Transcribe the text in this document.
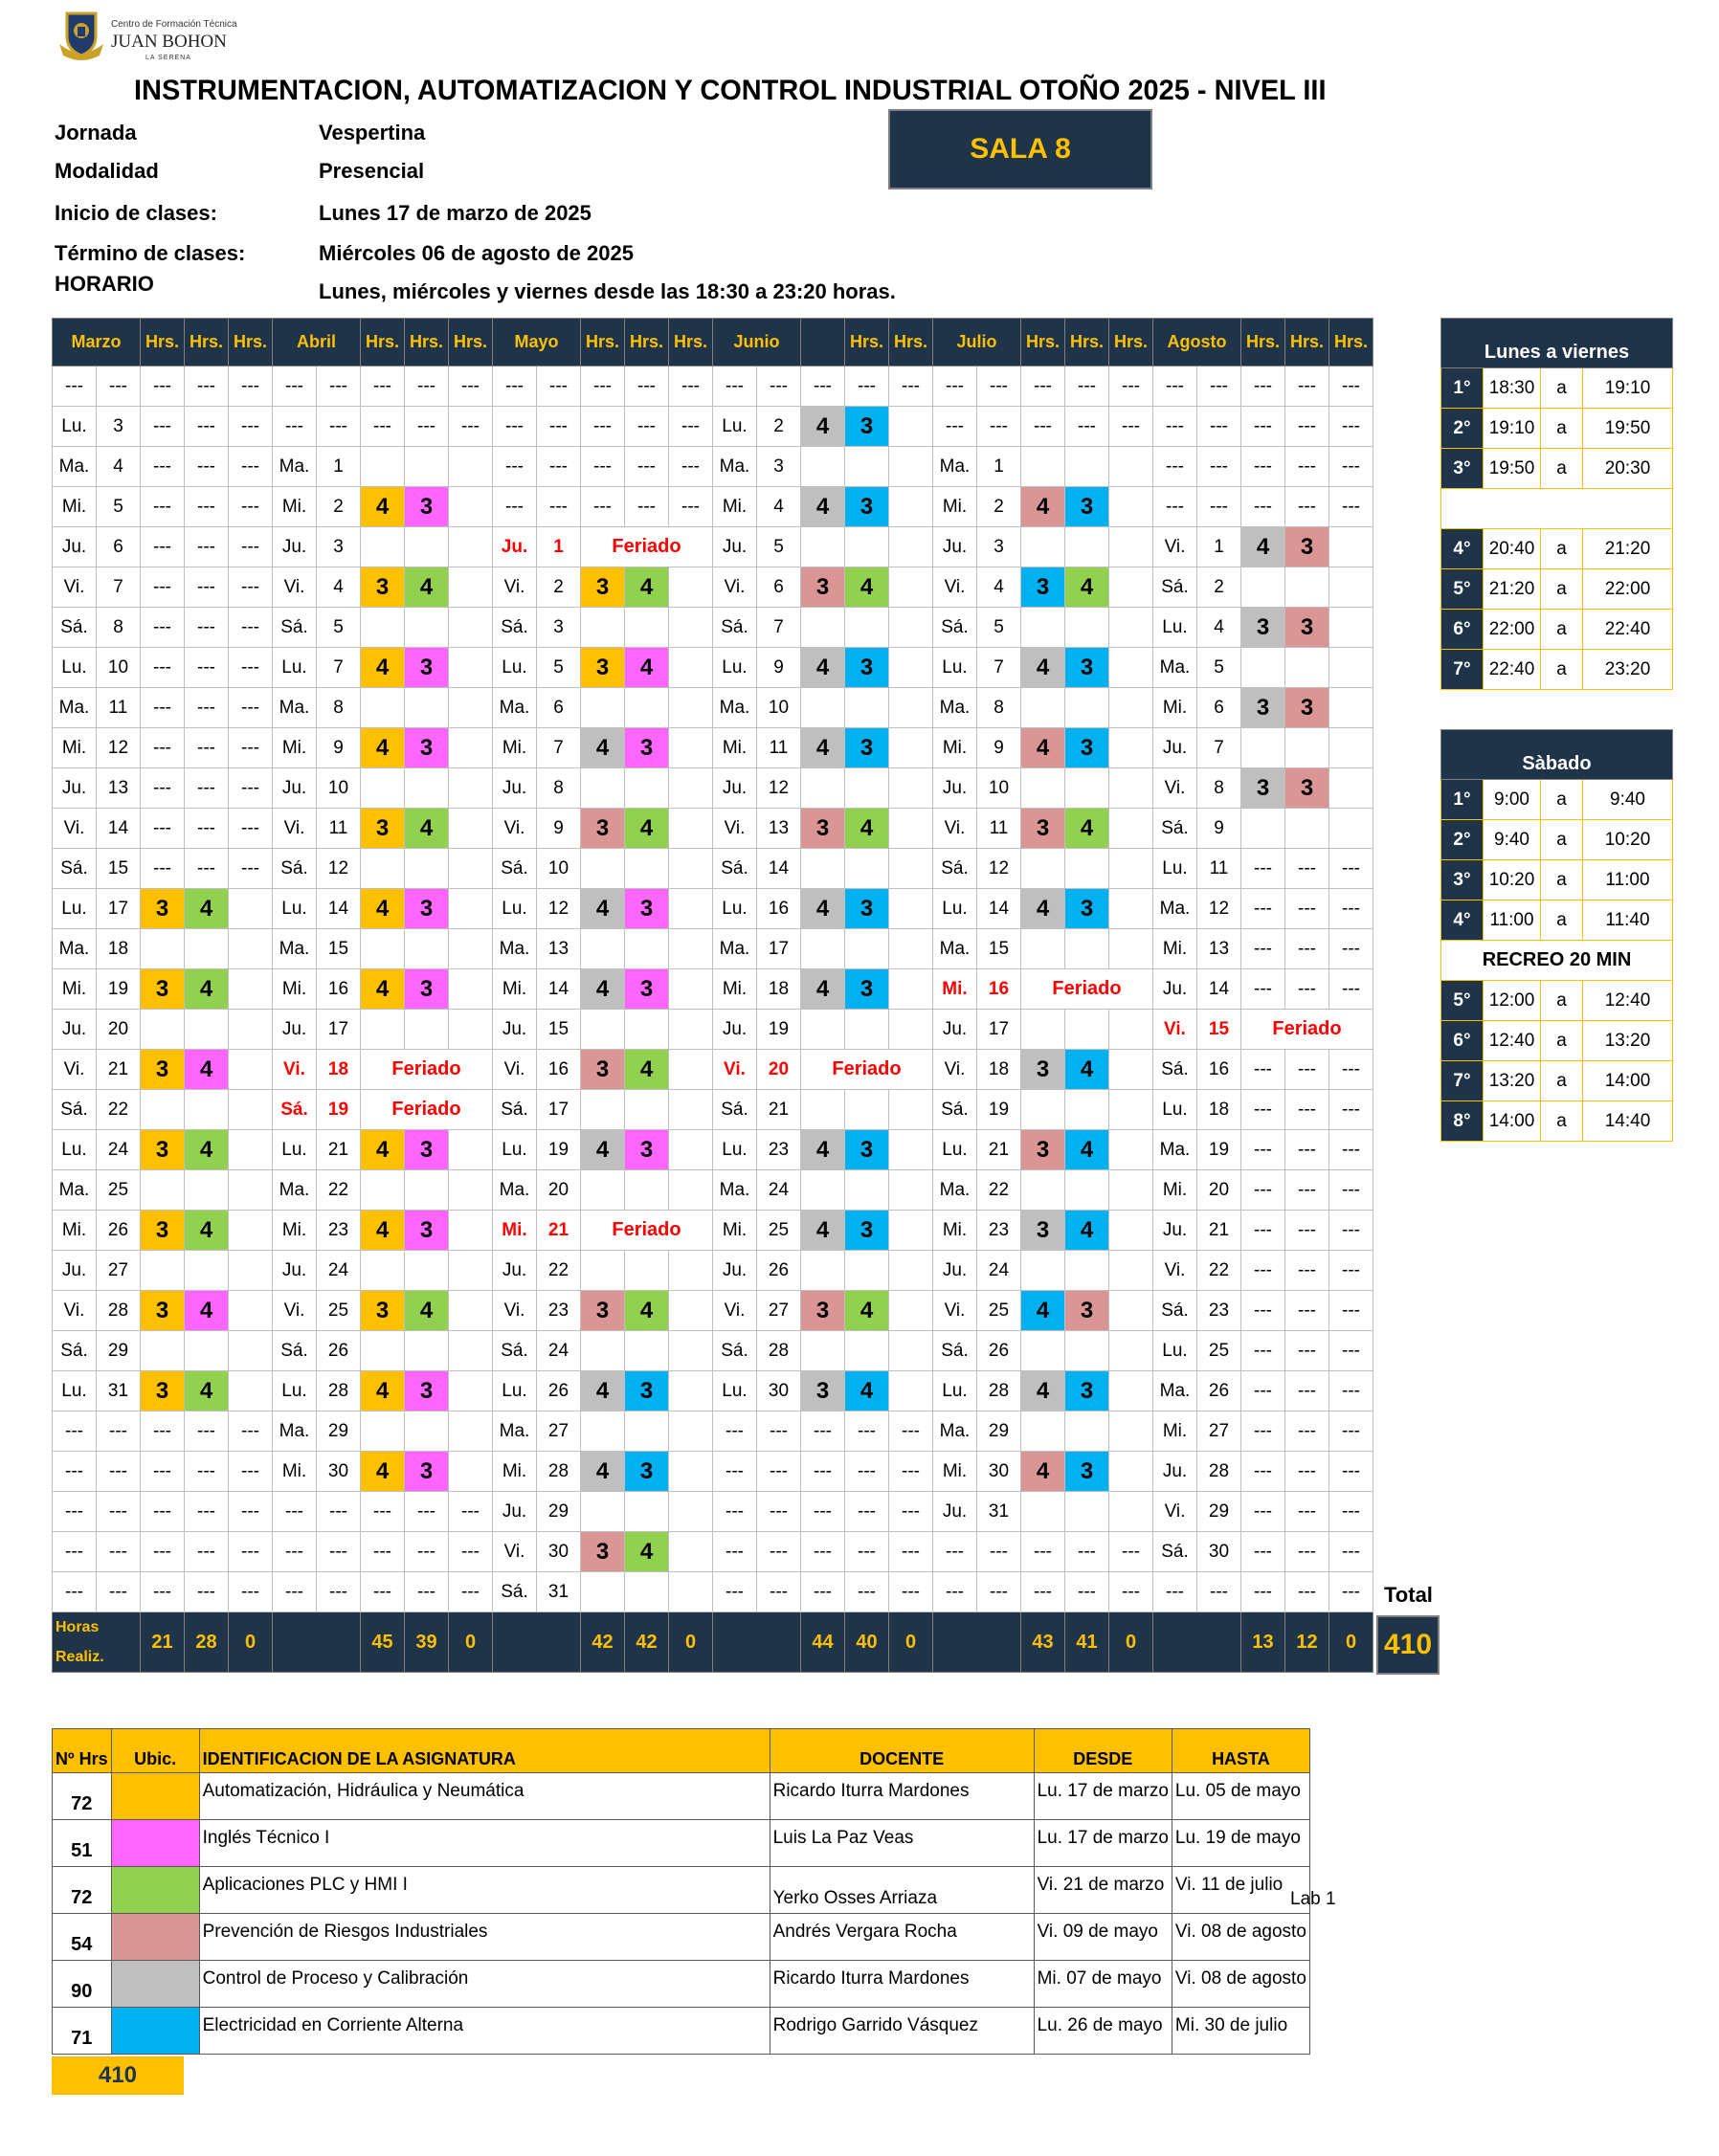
Centro de Formación Técnica
JUAN BOHON
LA SERENA
INSTRUMENTACION, AUTOMATIZACION Y CONTROL INDUSTRIAL OTOÑO 2025 - NIVEL III
Jornada	Vespertina
Modalidad	Presencial
Inicio de clases:	Lunes 17 de marzo de 2025
Término de clases:	Miércoles 06 de agosto de 2025
HORARIO	Lunes, miércoles y viernes desde las 18:30 a 23:20 horas.
SALA 8
Marzo		Hrs.	Hrs.	Hrs.	Abril		Hrs.	Hrs.	Hrs.	Mayo		Hrs.	Hrs.	Hrs.	Junio			Hrs.	Hrs.	Julio		Hrs.	Hrs.	Hrs.	Agosto		Hrs.	Hrs.	Hrs.
---	---	---	---	---	---	---	---	---	---	---	---	---	---	---	---	---	---	---	---	---	---	---	---	---	---	---	---	---	---
Lu.	3	---	---	---	---	---	---	---	---	---	---	---	---	---	Lu.	2	4	3		---	---	---	---	---	---	---	---	---	---
Ma.	4	---	---	---	Ma.	1				---	---	---	---	---	Ma.	3				Ma.	1				---	---	---	---	---
Mi.	5	---	---	---	Mi.	2	4	3		---	---	---	---	---	Mi.	4	4	3		Mi.	2	4	3		---	---	---	---	---
Ju.	6	---	---	---	Ju.	3				Ju.	1	Feriado			Ju.	5				Ju.	3				Vi.	1	4	3	
Vi.	7	---	---	---	Vi.	4	3	4		Vi.	2	3	4		Vi.	6	3	4		Vi.	4	3	4		Sá.	2			
Sá.	8	---	---	---	Sá.	5				Sá.	3				Sá.	7				Sá.	5				Lu.	4	3	3	
Lu.	10	---	---	---	Lu.	7	4	3		Lu.	5	3	4		Lu.	9	4	3		Lu.	7	4	3		Ma.	5			
Ma.	11	---	---	---	Ma.	8				Ma.	6				Ma.	10				Ma.	8				Mi.	6	3	3	
Mi.	12	---	---	---	Mi.	9	4	3		Mi.	7	4	3		Mi.	11	4	3		Mi.	9	4	3		Ju.	7			
Ju.	13	---	---	---	Ju.	10				Ju.	8				Ju.	12				Ju.	10				Vi.	8	3	3	
Vi.	14	---	---	---	Vi.	11	3	4		Vi.	9	3	4		Vi.	13	3	4		Vi.	11	3	4		Sá.	9			
Sá.	15	---	---	---	Sá.	12				Sá.	10				Sá.	14				Sá.	12				Lu.	11	---	---	---
Lu.	17	3	4		Lu.	14	4	3		Lu.	12	4	3		Lu.	16	4	3		Lu.	14	4	3		Ma.	12	---	---	---
Ma.	18				Ma.	15				Ma.	13				Ma.	17				Ma.	15				Mi.	13	---	---	---
Mi.	19	3	4		Mi.	16	4	3		Mi.	14	4	3		Mi.	18	4	3		Mi.	16	Feriado			Ju.	14	---	---	---
Ju.	20				Ju.	17				Ju.	15				Ju.	19				Ju.	17				Vi.	15	Feriado		
Vi.	21	3	4		Vi.	18	Feriado			Vi.	16	3	4		Vi.	20	Feriado			Vi.	18	3	4		Sá.	16	---	---	---
Sá.	22				Sá.	19	Feriado			Sá.	17				Sá.	21				Sá.	19				Lu.	18	---	---	---
Lu.	24	3	4		Lu.	21	4	3		Lu.	19	4	3		Lu.	23	4	3		Lu.	21	3	4		Ma.	19	---	---	---
Ma.	25				Ma.	22				Ma.	20				Ma.	24				Ma.	22				Mi.	20	---	---	---
Mi.	26	3	4		Mi.	23	4	3		Mi.	21	Feriado			Mi.	25	4	3		Mi.	23	3	4		Ju.	21	---	---	---
Ju.	27				Ju.	24				Ju.	22				Ju.	26				Ju.	24				Vi.	22	---	---	---
Vi.	28	3	4		Vi.	25	3	4		Vi.	23	3	4		Vi.	27	3	4		Vi.	25	4	3		Sá.	23	---	---	---
Sá.	29				Sá.	26				Sá.	24				Sá.	28				Sá.	26				Lu.	25	---	---	---
Lu.	31	3	4		Lu.	28	4	3		Lu.	26	4	3		Lu.	30	3	4		Lu.	28	4	3		Ma.	26	---	---	---
---	---	---	---	---	Ma.	29				Ma.	27				---	---	---	---	---	Ma.	29				Mi.	27	---	---	---
---	---	---	---	---	Mi.	30	4	3		Mi.	28	4	3		---	---	---	---	---	Mi.	30	4	3		Ju.	28	---	---	---
---	---	---	---	---	---	---	---	---	---	Ju.	29				---	---	---	---	---	Ju.	31				Vi.	29	---	---	---
---	---	---	---	---	---	---	---	---	---	Vi.	30	3	4		---	---	---	---	---	---	---	---	---	---	Sá.	30	---	---	---
---	---	---	---	---	---	---	---	---	---	Sá.	31				---	---	---	---	---	---	---	---	---	---	---	---	---	---	---
Horas
Realiz.		21	28	0			45	39	0			42	42	0			44	40	0			43	41	0			13	12	0
Total
410
Lunes a viernes			
1°	18:30	a	19:10
2°	19:10	a	19:50
3°	19:50	a	20:30

4°	20:40	a	21:20
5°	21:20	a	22:00
6°	22:00	a	22:40
7°	22:40	a	23:20
Sàbado			
1°	9:00	a	9:40
2°	9:40	a	10:20
3°	10:20	a	11:00
4°	11:00	a	11:40
RECREO 20 MIN			
5°	12:00	a	12:40
6°	12:40	a	13:20
7°	13:20	a	14:00
8°	14:00	a	14:40
Nº Hrs	Ubic.	IDENTIFICACION DE LA ASIGNATURA	DOCENTE	DESDE	HASTA
72		Automatización, Hidráulica y Neumática	Ricardo Iturra Mardones	Lu. 17 de marzo	Lu. 05 de mayo
51		Inglés Técnico I	Luis La Paz Veas	Lu. 17 de marzo	Lu. 19 de mayo
72		Aplicaciones PLC y HMI I	Yerko Osses Arriaza	Vi. 21 de marzo	Vi. 11 de julio
54		Prevención de Riesgos Industriales	Andrés Vergara Rocha	Vi. 09 de mayo	Vi. 08 de agosto
90		Control de Proceso y Calibración	Ricardo Iturra Mardones	Mi. 07 de mayo	Vi. 08 de agosto
71		Electricidad en Corriente Alterna	Rodrigo Garrido Vásquez	Lu. 26 de mayo	Mi. 30 de julio
Lab 1
410
